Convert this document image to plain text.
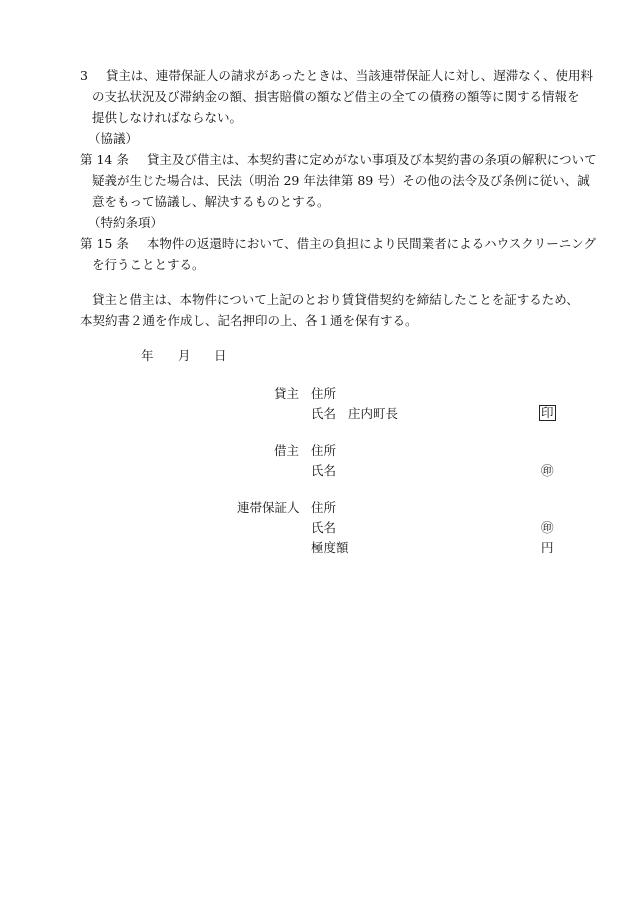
3 貸主は、連帯保証人の請求があったときは、当該連帯保証人に対し、遅滞なく、使用料
の支払状況及び滞納金の額、損害賠償の額など借主の全ての債務の額等に関する情報を
提供しなければならない。
（協議）
第 14 条 貸主及び借主は、本契約書に定めがない事項及び本契約書の条項の解釈について
疑義が生じた場合は、民法（明治 29 年法律第 89 号）その他の法令及び条例に従い、誠
意をもって協議し、解決するものとする。
（特約条項）
第 15 条 本物件の返還時において、借主の負担により民間業者によるハウスクリーニング
を行うこととする。
貸主と借主は、本物件について上記のとおり賃貸借契約を締結したことを証するため、
本契約書２通を作成し、記名押印の上、各１通を保有する。
年 月 日
貸主 住所
氏名 庄内町長	印
借主 住所
氏名	㊞
連帯保証人 住所
氏名	㊞
極度額	円
